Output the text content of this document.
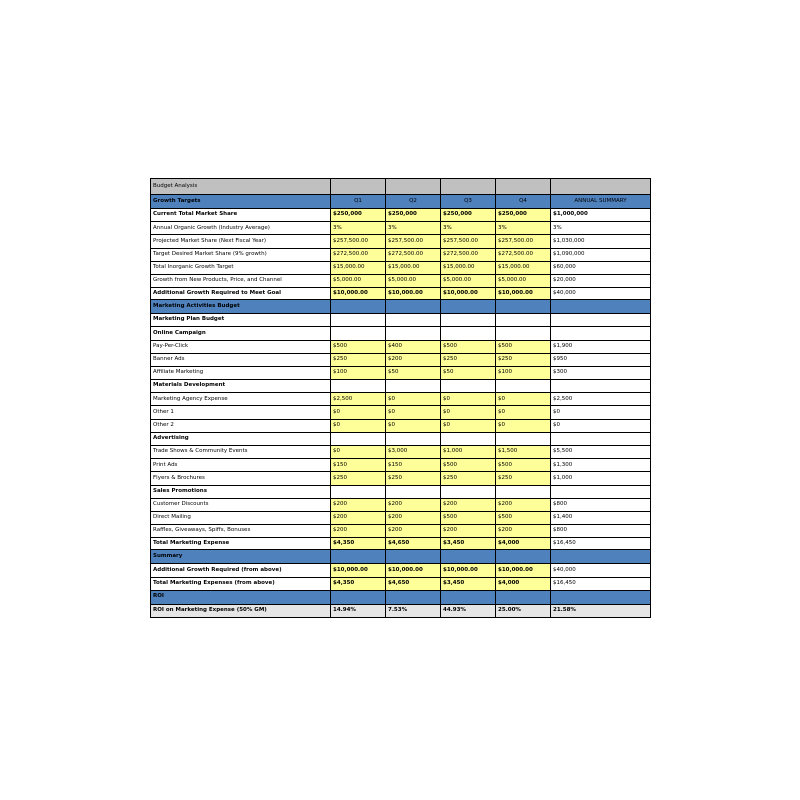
Budget Analysis					
Growth Targets	Q1	Q2	Q3	Q4	ANNUAL SUMMARY
Current Total Market Share	$250,000	$250,000	$250,000	$250,000	$1,000,000
Annual Organic Growth (Industry Average)	3%	3%	3%	3%	3%
Projected Market Share (Next Fiscal Year)	$257,500.00	$257,500.00	$257,500.00	$257,500.00	$1,030,000
Target Desired Market Share (9% growth)	$272,500.00	$272,500.00	$272,500.00	$272,500.00	$1,090,000
Total Inorganic Growth Target	$15,000.00	$15,000.00	$15,000.00	$15,000.00	$60,000
Growth from New Products, Price, and Channel	$5,000.00	$5,000.00	$5,000.00	$5,000.00	$20,000
Additional Growth Required to Meet Goal	$10,000.00	$10,000.00	$10,000.00	$10,000.00	$40,000
Marketing Activities Budget					
Marketing Plan Budget					
Online Campaign					
Pay-Per-Click	$500	$400	$500	$500	$1,900
Banner Ads	$250	$200	$250	$250	$950
Affiliate Marketing	$100	$50	$50	$100	$300
Materials Development					
Marketing Agency Expense	$2,500	$0	$0	$0	$2,500
Other 1	$0	$0	$0	$0	$0
Other 2	$0	$0	$0	$0	$0
Advertising					
Trade Shows & Community Events	$0	$3,000	$1,000	$1,500	$5,500
Print Ads	$150	$150	$500	$500	$1,300
Flyers & Brochures	$250	$250	$250	$250	$1,000
Sales Promotions					
Customer Discounts	$200	$200	$200	$200	$800
Direct Mailing	$200	$200	$500	$500	$1,400
Raffles, Giveaways, Spiffs, Bonuses	$200	$200	$200	$200	$800
Total Marketing Expense	$4,350	$4,650	$3,450	$4,000	$16,450
Summary					
Additional Growth Required (from above)	$10,000.00	$10,000.00	$10,000.00	$10,000.00	$40,000
Total Marketing Expenses (from above)	$4,350	$4,650	$3,450	$4,000	$16,450
ROI					
ROI on Marketing Expense (50% GM)	14.94%	7.53%	44.93%	25.00%	21.58%
